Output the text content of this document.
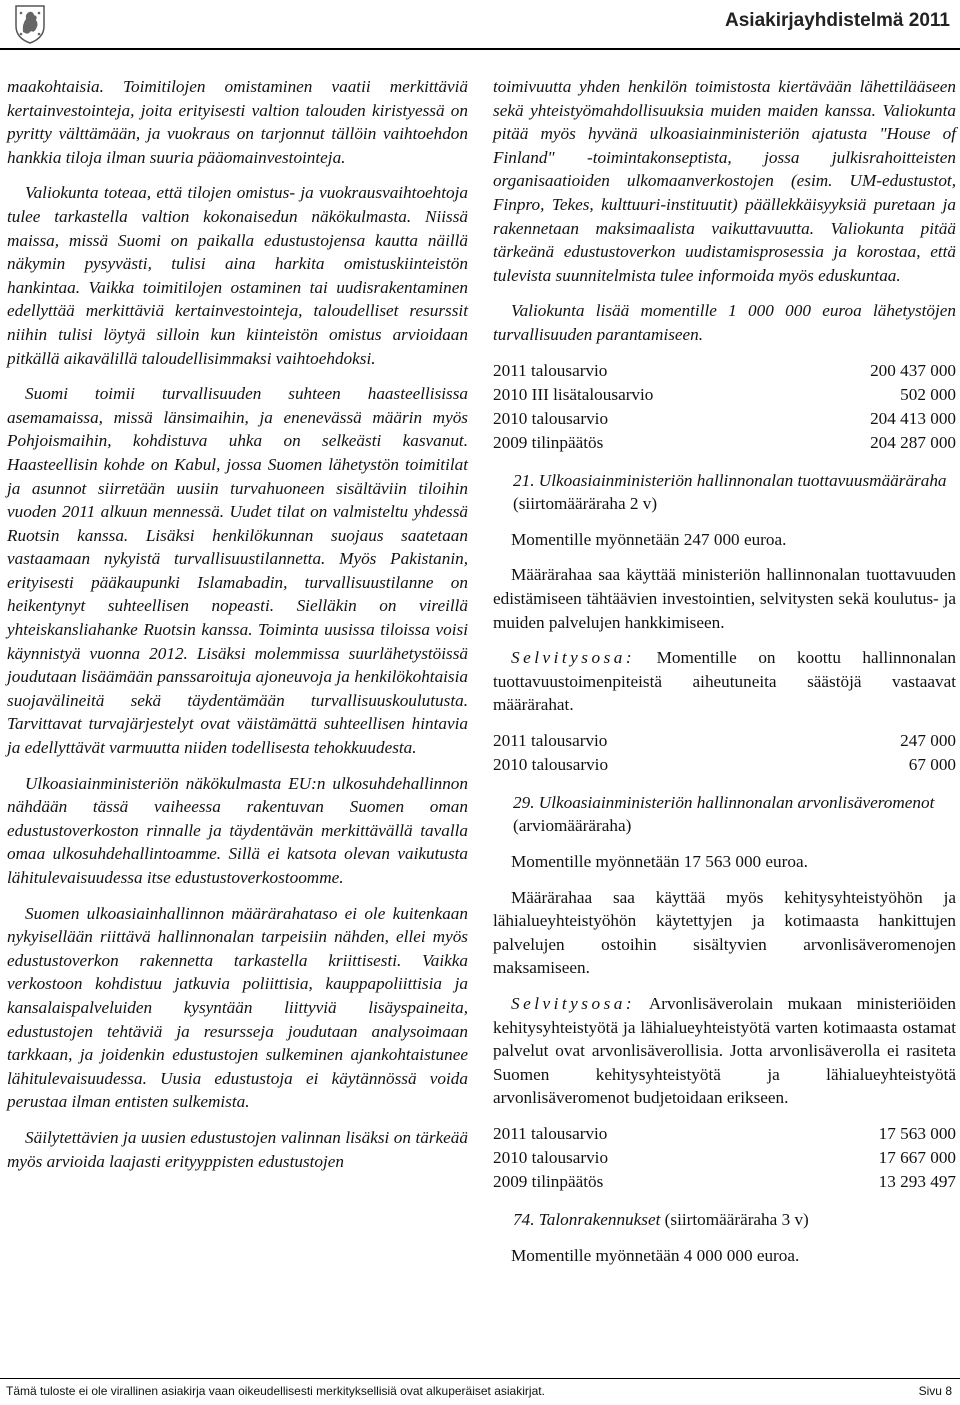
Asiakirjayhdistelmä 2011

maakohtaisia. Toimitilojen omistaminen vaatii merkittäviä kertainvestointeja, joita erityisesti valtion talouden kiristyessä on pyritty välttämään, ja vuokraus on tarjonnut tällöin vaihtoehdon hankkia tiloja ilman suuria pääomainvestointeja.

Valiokunta toteaa, että tilojen omistus- ja vuokrausvaihtoehtoja tulee tarkastella valtion kokonaisedun näkökulmasta. Niissä maissa, missä Suomi on paikalla edustustojensa kautta näillä näkymin pysyvästi, tulisi aina harkita omistuskiinteistön hankintaa. Vaikka toimitilojen ostaminen tai uudisrakentaminen edellyttää merkittäviä kertainvestointeja, taloudelliset resurssit niihin tulisi löytyä silloin kun kiinteistön omistus arvioidaan pitkällä aikavälillä taloudellisimmaksi vaihtoehdoksi.

Suomi toimii turvallisuuden suhteen haasteellisissa asemamaissa, missä länsimaihin, ja enenevässä määrin myös Pohjoismaihin, kohdistuva uhka on selkeästi kasvanut. Haasteellisin kohde on Kabul, jossa Suomen lähetystön toimitilat ja asunnot siirretään uusiin turvahuoneen sisältäviin tiloihin vuoden 2011 alkuun mennessä. Uudet tilat on valmisteltu yhdessä Ruotsin kanssa. Lisäksi henkilökunnan suojaus saatetaan vastaamaan nykyistä turvallisuustilannetta. Myös Pakistanin, erityisesti pääkaupunki Islamabadin, turvallisuustilanne on heikentynyt suhteellisen nopeasti. Sielläkin on vireillä yhteiskansliahanke Ruotsin kanssa. Toiminta uusissa tiloissa voisi käynnistyä vuonna 2012. Lisäksi molemmissa suurlähetystöissä joudutaan lisäämään panssaroituja ajoneuvoja ja henkilökohtaisia suojavälineitä sekä täydentämään turvallisuuskoulutusta. Tarvittavat turvajärjestelyt ovat väistämättä suhteellisen hintavia ja edellyttävät varmuutta niiden todellisesta tehokkuudesta.

Ulkoasiainministeriön näkökulmasta EU:n ulkosuhdehallinnon nähdään tässä vaiheessa rakentuvan Suomen oman edustustoverkoston rinnalle ja täydentävän merkittävällä tavalla omaa ulkosuhdehallintoamme. Sillä ei katsota olevan vaikutusta lähitulevaisuudessa itse edustustoverkostoomme.

Suomen ulkoasiainhallinnon määrärahataso ei ole kuitenkaan nykyisellään riittävä hallinnonalan tarpeisiin nähden, ellei myös edustustoverkon rakennetta tarkastella kriittisesti. Vaikka verkostoon kohdistuu jatkuvia poliittisia, kauppapoliittisia ja kansalaispalveluiden kysyntään liittyviä lisäyspaineita, edustustojen tehtäviä ja resursseja joudutaan analysoimaan tarkkaan, ja joidenkin edustustojen sulkeminen ajankohtaistunee lähitulevaisuudessa. Uusia edustustoja ei käytännössä voida perustaa ilman entisten sulkemista.

Säilytettävien ja uusien edustustojen valinnan lisäksi on tärkeää myös arvioida laajasti erityyppisten edustustojen

toimivuutta yhden henkilön toimistosta kiertävään lähettilääseen sekä yhteistyömahdollisuuksia muiden maiden kanssa. Valiokunta pitää myös hyvänä ulkoasiainministeriön ajatusta "House of Finland" -toimintakonseptista, jossa julkisrahoitteisten organisaatioiden ulkomaanverkostojen (esim. UM-edustustot, Finpro, Tekes, kulttuuri-instituutit) päällekkäisyyksiä puretaan ja rakennetaan maksimaalista vaikuttavuutta. Valiokunta pitää tärkeänä edustustoverkon uudistamisprosessia ja korostaa, että tulevista suunnitelmista tulee informoida myös eduskuntaa.

Valiokunta lisää momentille 1 000 000 euroa lähetystöjen turvallisuuden parantamiseen.

2011 talousarvio	200 437 000
2010 III lisätalousarvio	502 000
2010 talousarvio	204 413 000
2009 tilinpäätös	204 287 000

21. Ulkoasiainministeriön hallinnonalan tuottavuusmääräraha (siirtomääräraha 2 v)

Momentille myönnetään 247 000 euroa.

Määrärahaa saa käyttää ministeriön hallinnonalan tuottavuuden edistämiseen tähtäävien investointien, selvitysten sekä koulutus- ja muiden palvelujen hankkimiseen.

Selvitysosa: Momentille on koottu hallinnonalan tuottavuustoimenpiteistä aiheutuneita säästöjä vastaavat määrärahat.

2011 talousarvio	247 000
2010 talousarvio	67 000

29. Ulkoasiainministeriön hallinnonalan arvonlisäveromenot (arviomääräraha)

Momentille myönnetään 17 563 000 euroa.

Määrärahaa saa käyttää myös kehitysyhteistyöhön ja lähialueyhteistyöhön käytettyjen ja kotimaasta hankittujen palvelujen ostoihin sisältyvien arvonlisäveromenojen maksamiseen.

Selvitysosa: Arvonlisäverolain mukaan ministeriöiden kehitysyhteistyötä ja lähialueyhteistyötä varten kotimaasta ostamat palvelut ovat arvonlisäverollisia. Jotta arvonlisäverolla ei rasiteta Suomen kehitysyhteistyötä ja lähialueyhteistyötä arvonlisäveromenot budjetoidaan erikseen.

2011 talousarvio	17 563 000
2010 talousarvio	17 667 000
2009 tilinpäätös	13 293 497

74. Talonrakennukset (siirtomääräraha 3 v)

Momentille myönnetään 4 000 000 euroa.

Tämä tuloste ei ole virallinen asiakirja vaan oikeudellisesti merkityksellisiä ovat alkuperäiset asiakirjat.	Sivu 8
